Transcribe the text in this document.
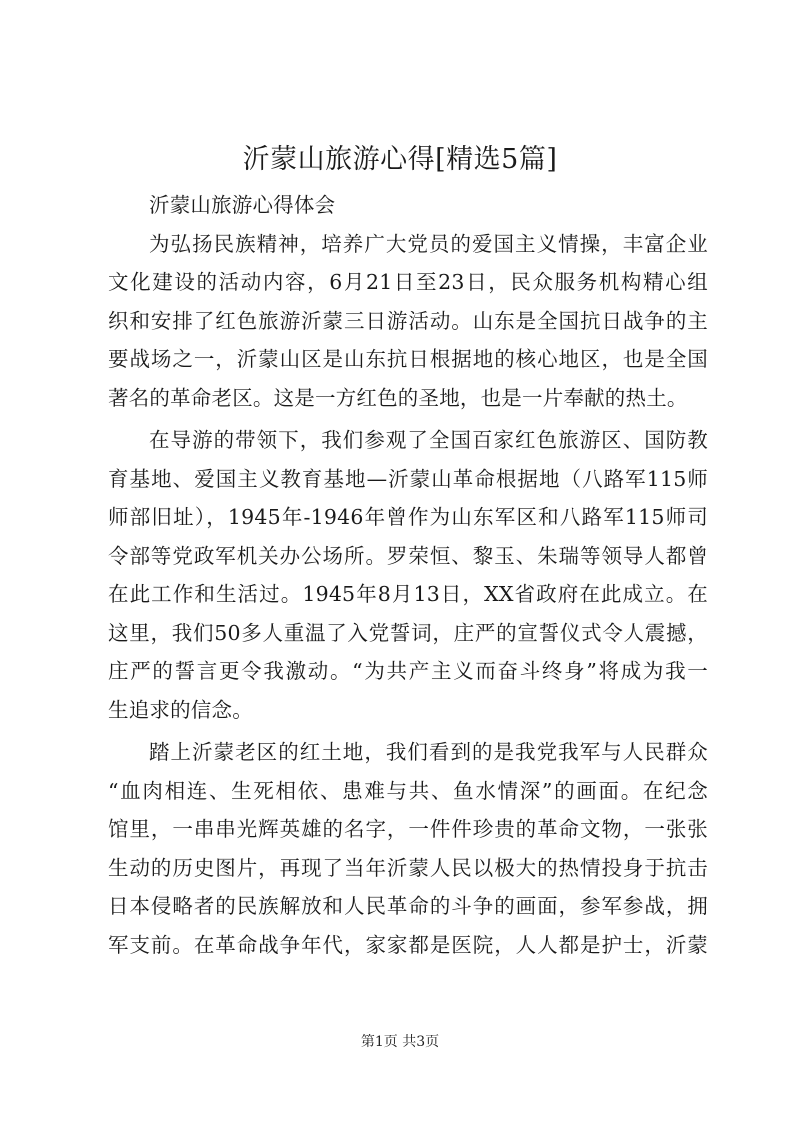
沂蒙山旅游心得[精选5篇]
沂蒙山旅游心得体会
为弘扬民族精神，培养广大党员的爱国主义情操，丰富企业
文化建设的活动内容，6月21日至23日，民众服务机构精心组
织和安排了红色旅游沂蒙三日游活动。山东是全国抗日战争的主
要战场之一，沂蒙山区是山东抗日根据地的核心地区，也是全国
著名的革命老区。这是一方红色的圣地，也是一片奉献的热土。
在导游的带领下，我们参观了全国百家红色旅游区、国防教
育基地、爱国主义教育基地—沂蒙山革命根据地（八路军115师
师部旧址），1945年-1946年曾作为山东军区和八路军115师司
令部等党政军机关办公场所。罗荣恒、黎玉、朱瑞等领导人都曾
在此工作和生活过。1945年8月13日，XX省政府在此成立。在
这里，我们50多人重温了入党誓词，庄严的宣誓仪式令人震撼，
庄严的誓言更令我激动。“为共产主义而奋斗终身”将成为我一
生追求的信念。
踏上沂蒙老区的红土地，我们看到的是我党我军与人民群众
“血肉相连、生死相依、患难与共、鱼水情深”的画面。在纪念
馆里，一串串光辉英雄的名字，一件件珍贵的革命文物，一张张
生动的历史图片，再现了当年沂蒙人民以极大的热情投身于抗击
日本侵略者的民族解放和人民革命的斗争的画面，参军参战，拥
军支前。在革命战争年代，家家都是医院，人人都是护士，沂蒙
第1页 共3页
